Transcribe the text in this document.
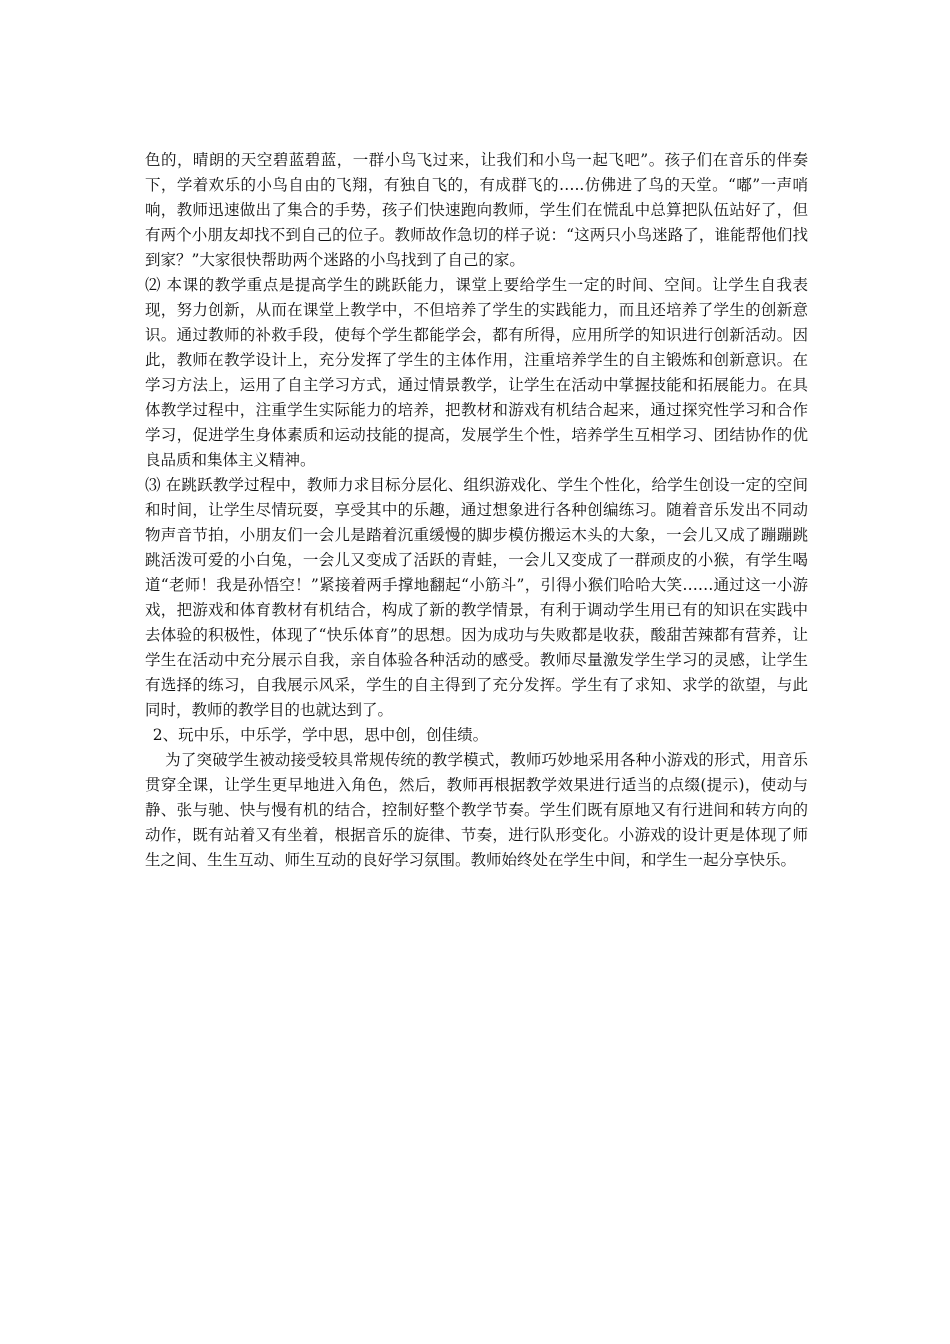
色的，晴朗的天空碧蓝碧蓝，一群小鸟飞过来，让我们和小鸟一起飞吧”。孩子们在音乐的伴奏下，学着欢乐的小鸟自由的飞翔，有独自飞的，有成群飞的…..仿佛进了鸟的天堂。“嘟”一声哨响，教师迅速做出了集合的手势，孩子们快速跑向教师，学生们在慌乱中总算把队伍站好了，但有两个小朋友却找不到自己的位子。教师故作急切的样子说：“这两只小鸟迷路了，谁能帮他们找到家？”大家很快帮助两个迷路的小鸟找到了自己的家。

⑵ 本课的教学重点是提高学生的跳跃能力，课堂上要给学生一定的时间、空间。让学生自我表现，努力创新，从而在课堂上教学中，不但培养了学生的实践能力，而且还培养了学生的创新意识。通过教师的补救手段，使每个学生都能学会，都有所得，应用所学的知识进行创新活动。因此，教师在教学设计上，充分发挥了学生的主体作用，注重培养学生的自主锻炼和创新意识。在学习方法上，运用了自主学习方式，通过情景教学，让学生在活动中掌握技能和拓展能力。在具体教学过程中，注重学生实际能力的培养，把教材和游戏有机结合起来，通过探究性学习和合作学习，促进学生身体素质和运动技能的提高，发展学生个性，培养学生互相学习、团结协作的优良品质和集体主义精神。

⑶ 在跳跃教学过程中，教师力求目标分层化、组织游戏化、学生个性化，给学生创设一定的空间和时间，让学生尽情玩耍，享受其中的乐趣，通过想象进行各种创编练习。随着音乐发出不同动物声音节拍，小朋友们一会儿是踏着沉重缓慢的脚步模仿搬运木头的大象，一会儿又成了蹦蹦跳跳活泼可爱的小白兔，一会儿又变成了活跃的青蛙，一会儿又变成了一群顽皮的小猴，有学生喝道“老师！我是孙悟空！”紧接着两手撑地翻起“小筋斗”，引得小猴们哈哈大笑……通过这一小游戏，把游戏和体育教材有机结合，构成了新的教学情景，有利于调动学生用已有的知识在实践中去体验的积极性，体现了“快乐体育”的思想。因为成功与失败都是收获，酸甜苦辣都有营养，让学生在活动中充分展示自我，亲自体验各种活动的感受。教师尽量激发学生学习的灵感，让学生有选择的练习，自我展示风采，学生的自主得到了充分发挥。学生有了求知、求学的欲望，与此同时，教师的教学目的也就达到了。

2、玩中乐，中乐学，学中思，思中创，创佳绩。

为了突破学生被动接受较具常规传统的教学模式，教师巧妙地采用各种小游戏的形式，用音乐贯穿全课，让学生更早地进入角色，然后，教师再根据教学效果进行适当的点缀(提示)，使动与静、张与驰、快与慢有机的结合，控制好整个教学节奏。学生们既有原地又有行进间和转方向的动作，既有站着又有坐着，根据音乐的旋律、节奏，进行队形变化。小游戏的设计更是体现了师生之间、生生互动、师生互动的良好学习氛围。教师始终处在学生中间，和学生一起分享快乐。
